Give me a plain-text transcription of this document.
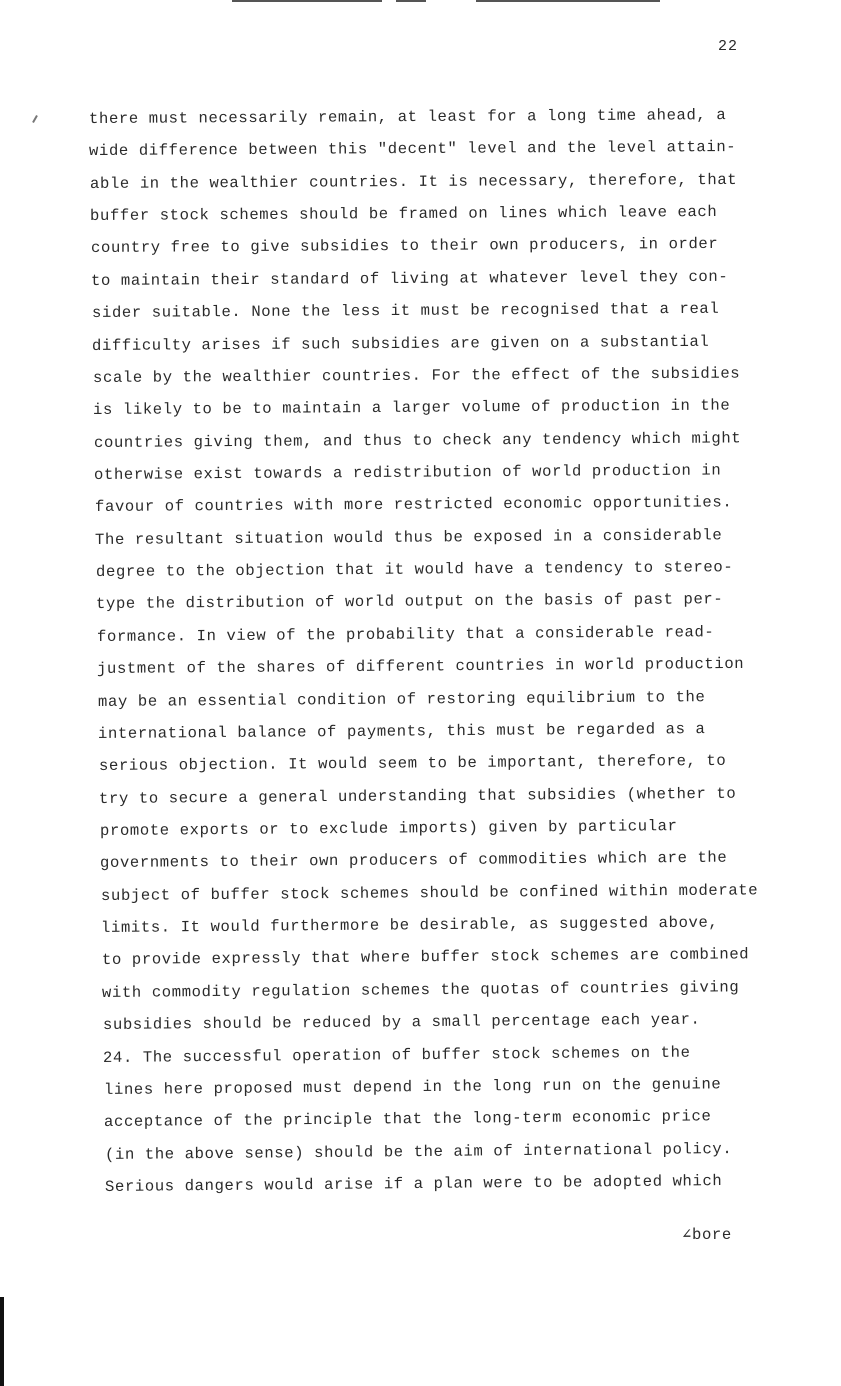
22
there must necessarily remain, at least for a long time ahead, a
wide difference between this "decent" level and the level attain-
able in the wealthier countries. It is necessary, therefore, that
buffer stock schemes should be framed on lines which leave each
country free to give subsidies to their own producers, in order
to maintain their standard of living at whatever level they con-
sider suitable. None the less it must be recognised that a real
difficulty arises if such subsidies are given on a substantial
scale by the wealthier countries. For the effect of the subsidies
is likely to be to maintain a larger volume of production in the
countries giving them, and thus to check any tendency which might
otherwise exist towards a redistribution of world production in
favour of countries with more restricted economic opportunities.
The resultant situation would thus be exposed in a considerable
degree to the objection that it would have a tendency to stereo-
type the distribution of world output on the basis of past per-
formance. In view of the probability that a considerable read-
justment of the shares of different countries in world production
may be an essential condition of restoring equilibrium to the
international balance of payments, this must be regarded as a
serious objection. It would seem to be important, therefore, to
try to secure a general understanding that subsidies (whether to
promote exports or to exclude imports) given by particular
governments to their own producers of commodities which are the
subject of buffer stock schemes should be confined within moderate
limits. It would furthermore be desirable, as suggested above,
to provide expressly that where buffer stock schemes are combined
with commodity regulation schemes the quotas of countries giving
subsidies should be reduced by a small percentage each year.
24. The successful operation of buffer stock schemes on the
lines here proposed must depend in the long run on the genuine
acceptance of the principle that the long-term economic price
(in the above sense) should be the aim of international policy.
Serious dangers would arise if a plan were to be adopted which
∠bore
